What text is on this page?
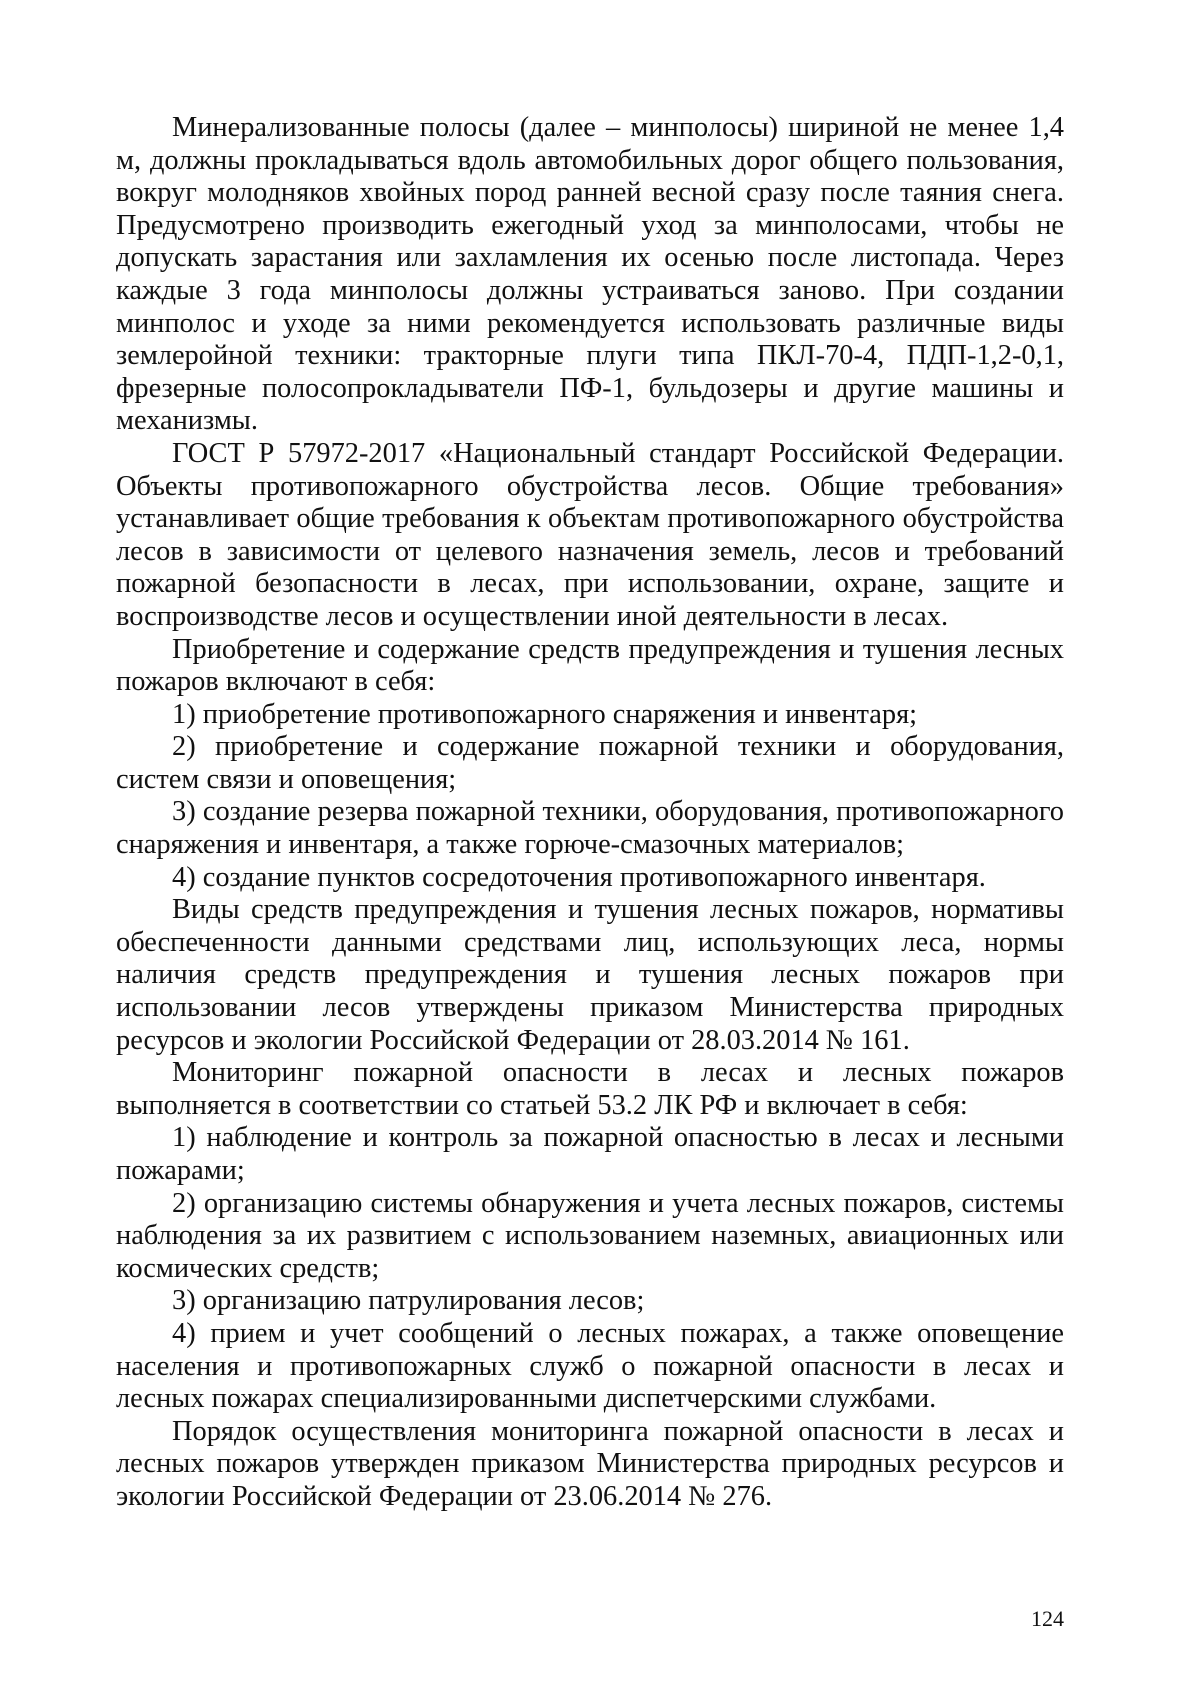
Минерализованные полосы (далее – минполосы) шириной не менее 1,4 м, должны прокладываться вдоль автомобильных дорог общего пользования, вокруг молодняков хвойных пород ранней весной сразу после таяния снега. Предусмотрено производить ежегодный уход за минполосами, чтобы не допускать зарастания или захламления их осенью после листопада. Через каждые 3 года минполосы должны устраиваться заново. При создании минполос и уходе за ними рекомендуется использовать различные виды землеройной техники: тракторные плуги типа ПКЛ-70-4, ПДП-1,2-0,1, фрезерные полосопрокладыватели ПФ-1, бульдозеры и другие машины и механизмы.

ГОСТ Р 57972-2017 «Национальный стандарт Российской Федерации. Объекты противопожарного обустройства лесов. Общие требования» устанавливает общие требования к объектам противопожарного обустройства лесов в зависимости от целевого назначения земель, лесов и требований пожарной безопасности в лесах, при использовании, охране, защите и воспроизводстве лесов и осуществлении иной деятельности в лесах.

Приобретение и содержание средств предупреждения и тушения лесных пожаров включают в себя:

1) приобретение противопожарного снаряжения и инвентаря;

2) приобретение и содержание пожарной техники и оборудования, систем связи и оповещения;

3) создание резерва пожарной техники, оборудования, противопожарного снаряжения и инвентаря, а также горюче-смазочных материалов;

4) создание пунктов сосредоточения противопожарного инвентаря.

Виды средств предупреждения и тушения лесных пожаров, нормативы обеспеченности данными средствами лиц, использующих леса, нормы наличия средств предупреждения и тушения лесных пожаров при использовании лесов утверждены приказом Министерства природных ресурсов и экологии Российской Федерации от 28.03.2014 № 161.

Мониторинг пожарной опасности в лесах и лесных пожаров выполняется в соответствии со статьей 53.2 ЛК РФ и включает в себя:

1) наблюдение и контроль за пожарной опасностью в лесах и лесными пожарами;

2) организацию системы обнаружения и учета лесных пожаров, системы наблюдения за их развитием с использованием наземных, авиационных или космических средств;

3) организацию патрулирования лесов;

4) прием и учет сообщений о лесных пожарах, а также оповещение населения и противопожарных служб о пожарной опасности в лесах и лесных пожарах специализированными диспетчерскими службами.

Порядок осуществления мониторинга пожарной опасности в лесах и лесных пожаров утвержден приказом Министерства природных ресурсов и экологии Российской Федерации от 23.06.2014 № 276.

124
